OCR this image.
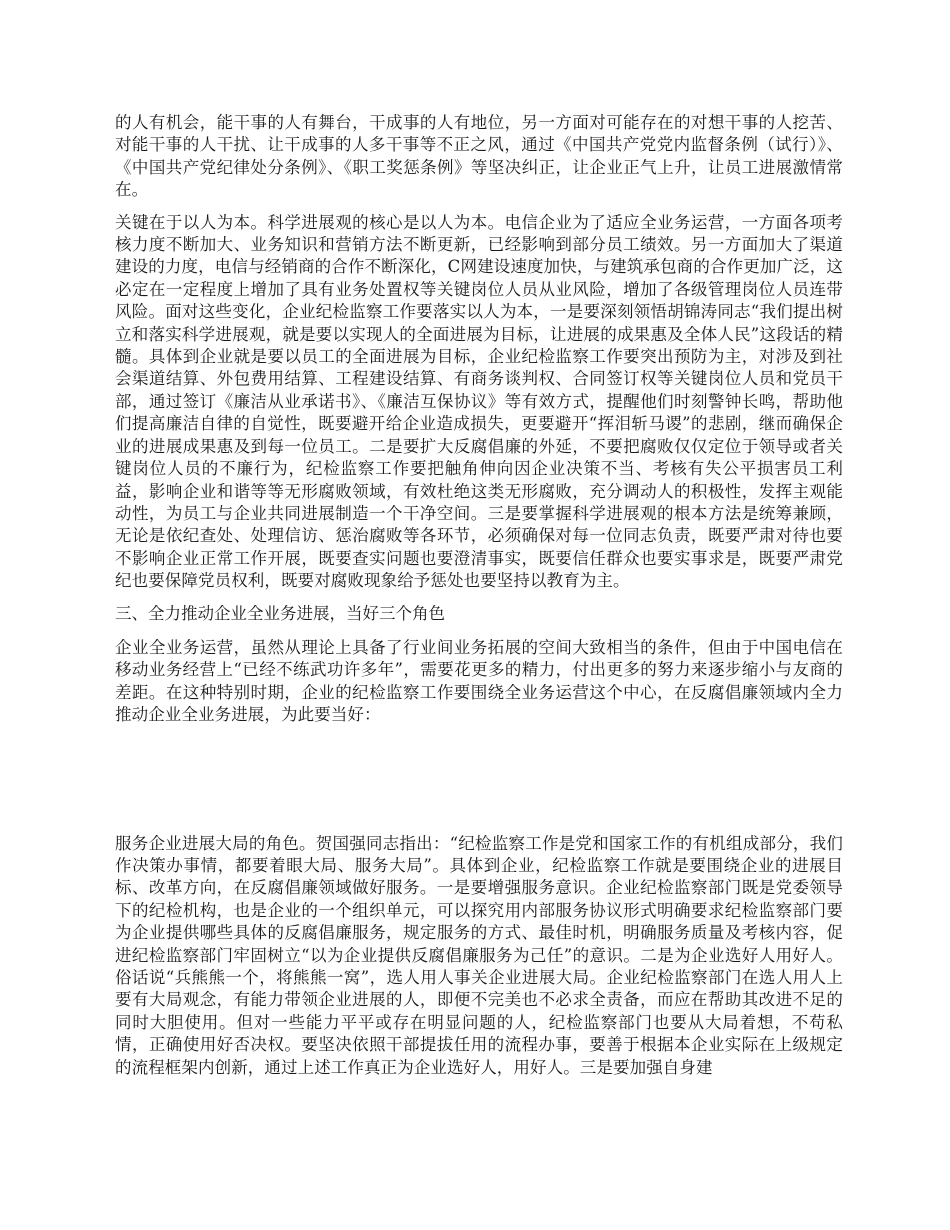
的人有机会，能干事的人有舞台，干成事的人有地位，另一方面对可能存在的对想干事的人挖苦、对能干事的人干扰、让干成事的人多干事等不正之风，通过《中国共产党党内监督条例（试行）》、《中国共产党纪律处分条例》、《职工奖惩条例》等坚决纠正，让企业正气上升，让员工进展激情常在。

关键在于以人为本。科学进展观的核心是以人为本。电信企业为了适应全业务运营，一方面各项考核力度不断加大、业务知识和营销方法不断更新，已经影响到部分员工绩效。另一方面加大了渠道建设的力度，电信与经销商的合作不断深化，C网建设速度加快，与建筑承包商的合作更加广泛，这必定在一定程度上增加了具有业务处置权等关键岗位人员从业风险，增加了各级管理岗位人员连带风险。面对这些变化，企业纪检监察工作要落实以人为本，一是要深刻领悟胡锦涛同志“我们提出树立和落实科学进展观，就是要以实现人的全面进展为目标，让进展的成果惠及全体人民”这段话的精髓。具体到企业就是要以员工的全面进展为目标，企业纪检监察工作要突出预防为主，对涉及到社会渠道结算、外包费用结算、工程建设结算、有商务谈判权、合同签订权等关键岗位人员和党员干部，通过签订《廉洁从业承诺书》、《廉洁互保协议》等有效方式，提醒他们时刻警钟长鸣，帮助他们提高廉洁自律的自觉性，既要避开给企业造成损失，更要避开“挥泪斩马谡”的悲剧，继而确保企业的进展成果惠及到每一位员工。二是要扩大反腐倡廉的外延，不要把腐败仅仅定位于领导或者关键岗位人员的不廉行为，纪检监察工作要把触角伸向因企业决策不当、考核有失公平损害员工利益，影响企业和谐等等无形腐败领域，有效杜绝这类无形腐败，充分调动人的积极性，发挥主观能动性，为员工与企业共同进展制造一个干净空间。三是要掌握科学进展观的根本方法是统筹兼顾，无论是依纪查处、处理信访、惩治腐败等各环节，必须确保对每一位同志负责，既要严肃对待也要不影响企业正常工作开展，既要查实问题也要澄清事实，既要信任群众也要实事求是，既要严肃党纪也要保障党员权利，既要对腐败现象给予惩处也要坚持以教育为主。

三、全力推动企业全业务进展，当好三个角色

企业全业务运营，虽然从理论上具备了行业间业务拓展的空间大致相当的条件，但由于中国电信在移动业务经营上“已经不练武功许多年”，需要花更多的精力，付出更多的努力来逐步缩小与友商的差距。在这种特别时期，企业的纪检监察工作要围绕全业务运营这个中心，在反腐倡廉领域内全力推动企业全业务进展，为此要当好：

服务企业进展大局的角色。贺国强同志指出：“纪检监察工作是党和国家工作的有机组成部分，我们作决策办事情，都要着眼大局、服务大局”。具体到企业，纪检监察工作就是要围绕企业的进展目标、改革方向，在反腐倡廉领域做好服务。一是要增强服务意识。企业纪检监察部门既是党委领导下的纪检机构，也是企业的一个组织单元，可以探究用内部服务协议形式明确要求纪检监察部门要为企业提供哪些具体的反腐倡廉服务，规定服务的方式、最佳时机，明确服务质量及考核内容，促进纪检监察部门牢固树立“以为企业提供反腐倡廉服务为己任”的意识。二是为企业选好人用好人。俗话说“兵熊熊一个，将熊熊一窝”，选人用人事关企业进展大局。企业纪检监察部门在选人用人上要有大局观念，有能力带领企业进展的人，即便不完美也不必求全责备，而应在帮助其改进不足的同时大胆使用。但对一些能力平平或存在明显问题的人，纪检监察部门也要从大局着想，不苟私情，正确使用好否决权。要坚决依照干部提拔任用的流程办事，要善于根据本企业实际在上级规定的流程框架内创新，通过上述工作真正为企业选好人，用好人。三是要加强自身建
